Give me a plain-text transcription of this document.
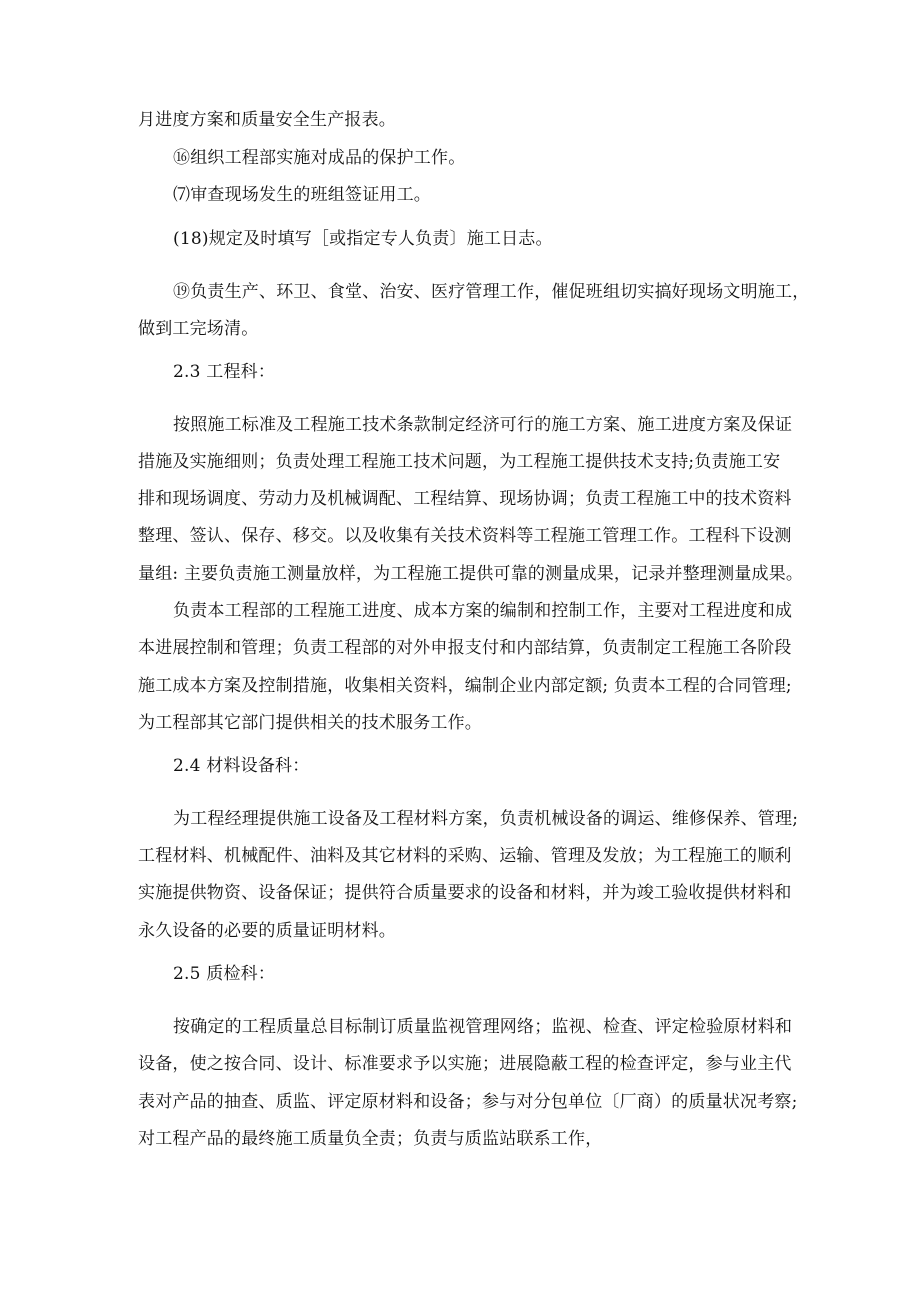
月进度方案和质量安全生产报表。
⑯组织工程部实施对成品的保护工作。
⑺审查现场发生的班组签证用工。
(18)规定及时填写［或指定专人负责〕施工日志。
⑲负责生产、环卫、食堂、治安、医疗管理工作，催促班组切实搞好现场文明施工，
做到工完场清。
2.3 工程科：
按照施工标准及工程施工技术条款制定经济可行的施工方案、施工进度方案及保证
措施及实施细则；负责处理工程施工技术问题，为工程施工提供技术支持;负责施工安
排和现场调度、劳动力及机械调配、工程结算、现场协调；负责工程施工中的技术资料
整理、签认、保存、移交。以及收集有关技术资料等工程施工管理工作。工程科下设测
量组: 主要负责施工测量放样，为工程施工提供可靠的测量成果，记录并整理测量成果。
负责本工程部的工程施工进度、成本方案的编制和控制工作，主要对工程进度和成
本进展控制和管理；负责工程部的对外申报支付和内部结算，负责制定工程施工各阶段
施工成本方案及控制措施，收集相关资料，编制企业内部定额; 负责本工程的合同管理;
为工程部其它部门提供相关的技术服务工作。
2.4 材料设备科：
为工程经理提供施工设备及工程材料方案，负责机械设备的调运、维修保养、管理;
工程材料、机械配件、油料及其它材料的采购、运输、管理及发放；为工程施工的顺利
实施提供物资、设备保证；提供符合质量要求的设备和材料，并为竣工验收提供材料和
永久设备的必要的质量证明材料。
2.5 质检科：
按确定的工程质量总目标制订质量监视管理网络；监视、检查、评定检验原材料和
设备，使之按合同、设计、标准要求予以实施；进展隐蔽工程的检查评定，参与业主代
表对产品的抽查、质监、评定原材料和设备；参与对分包单位〔厂商）的质量状况考察;
对工程产品的最终施工质量负全责；负责与质监站联系工作，
